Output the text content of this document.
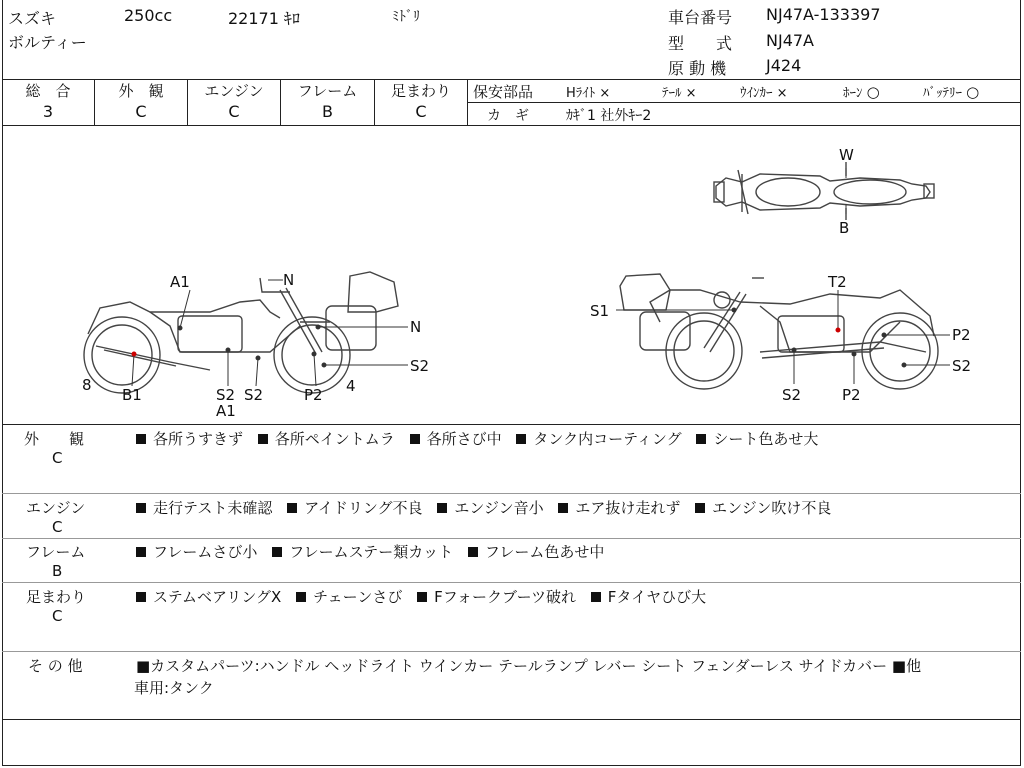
スズキ	250cc	22171 ｷﾛ	ﾐﾄﾞﾘ
ボルティー
車台番号 NJ47A-133397
型　　式 NJ47A
原 動 機 J424
総　合	外　観	エンジン	フレーム	足まわり
3	C	C	B	C
保安部品	Hﾗｲﾄ ×	ﾃｰﾙ ×	ｳｲﾝｶｰ ×	ﾎｰﾝ ○	ﾊﾞｯﾃﾘｰ ○
カ　ギ	ｶｷﾞ1 社外ｷｰ2
W
B
A1	N
N
S2
8
B1	S2 S2
A1
P2 4
T2
S1
P2
S2
S2	P2
外　　観
C
各所うすきず 各所ペイントムラ 各所さび中 タンク内コーティング シート色あせ大
エンジン
C
走行テスト未確認 アイドリング不良 エンジン音小 エア抜け走れず エンジン吹け不良
フレーム
B
フレームさび小 フレームステー類カット フレーム色あせ中
足まわり
C
ステムベアリングX チェーンさび Fフォークブーツ破れ Fタイヤひび大
そ の 他	■カスタムパーツ:ハンドル ヘッドライト ウインカー テールランプ レバー シート フェンダーレス サイドカバー ■他
車用:タンク
